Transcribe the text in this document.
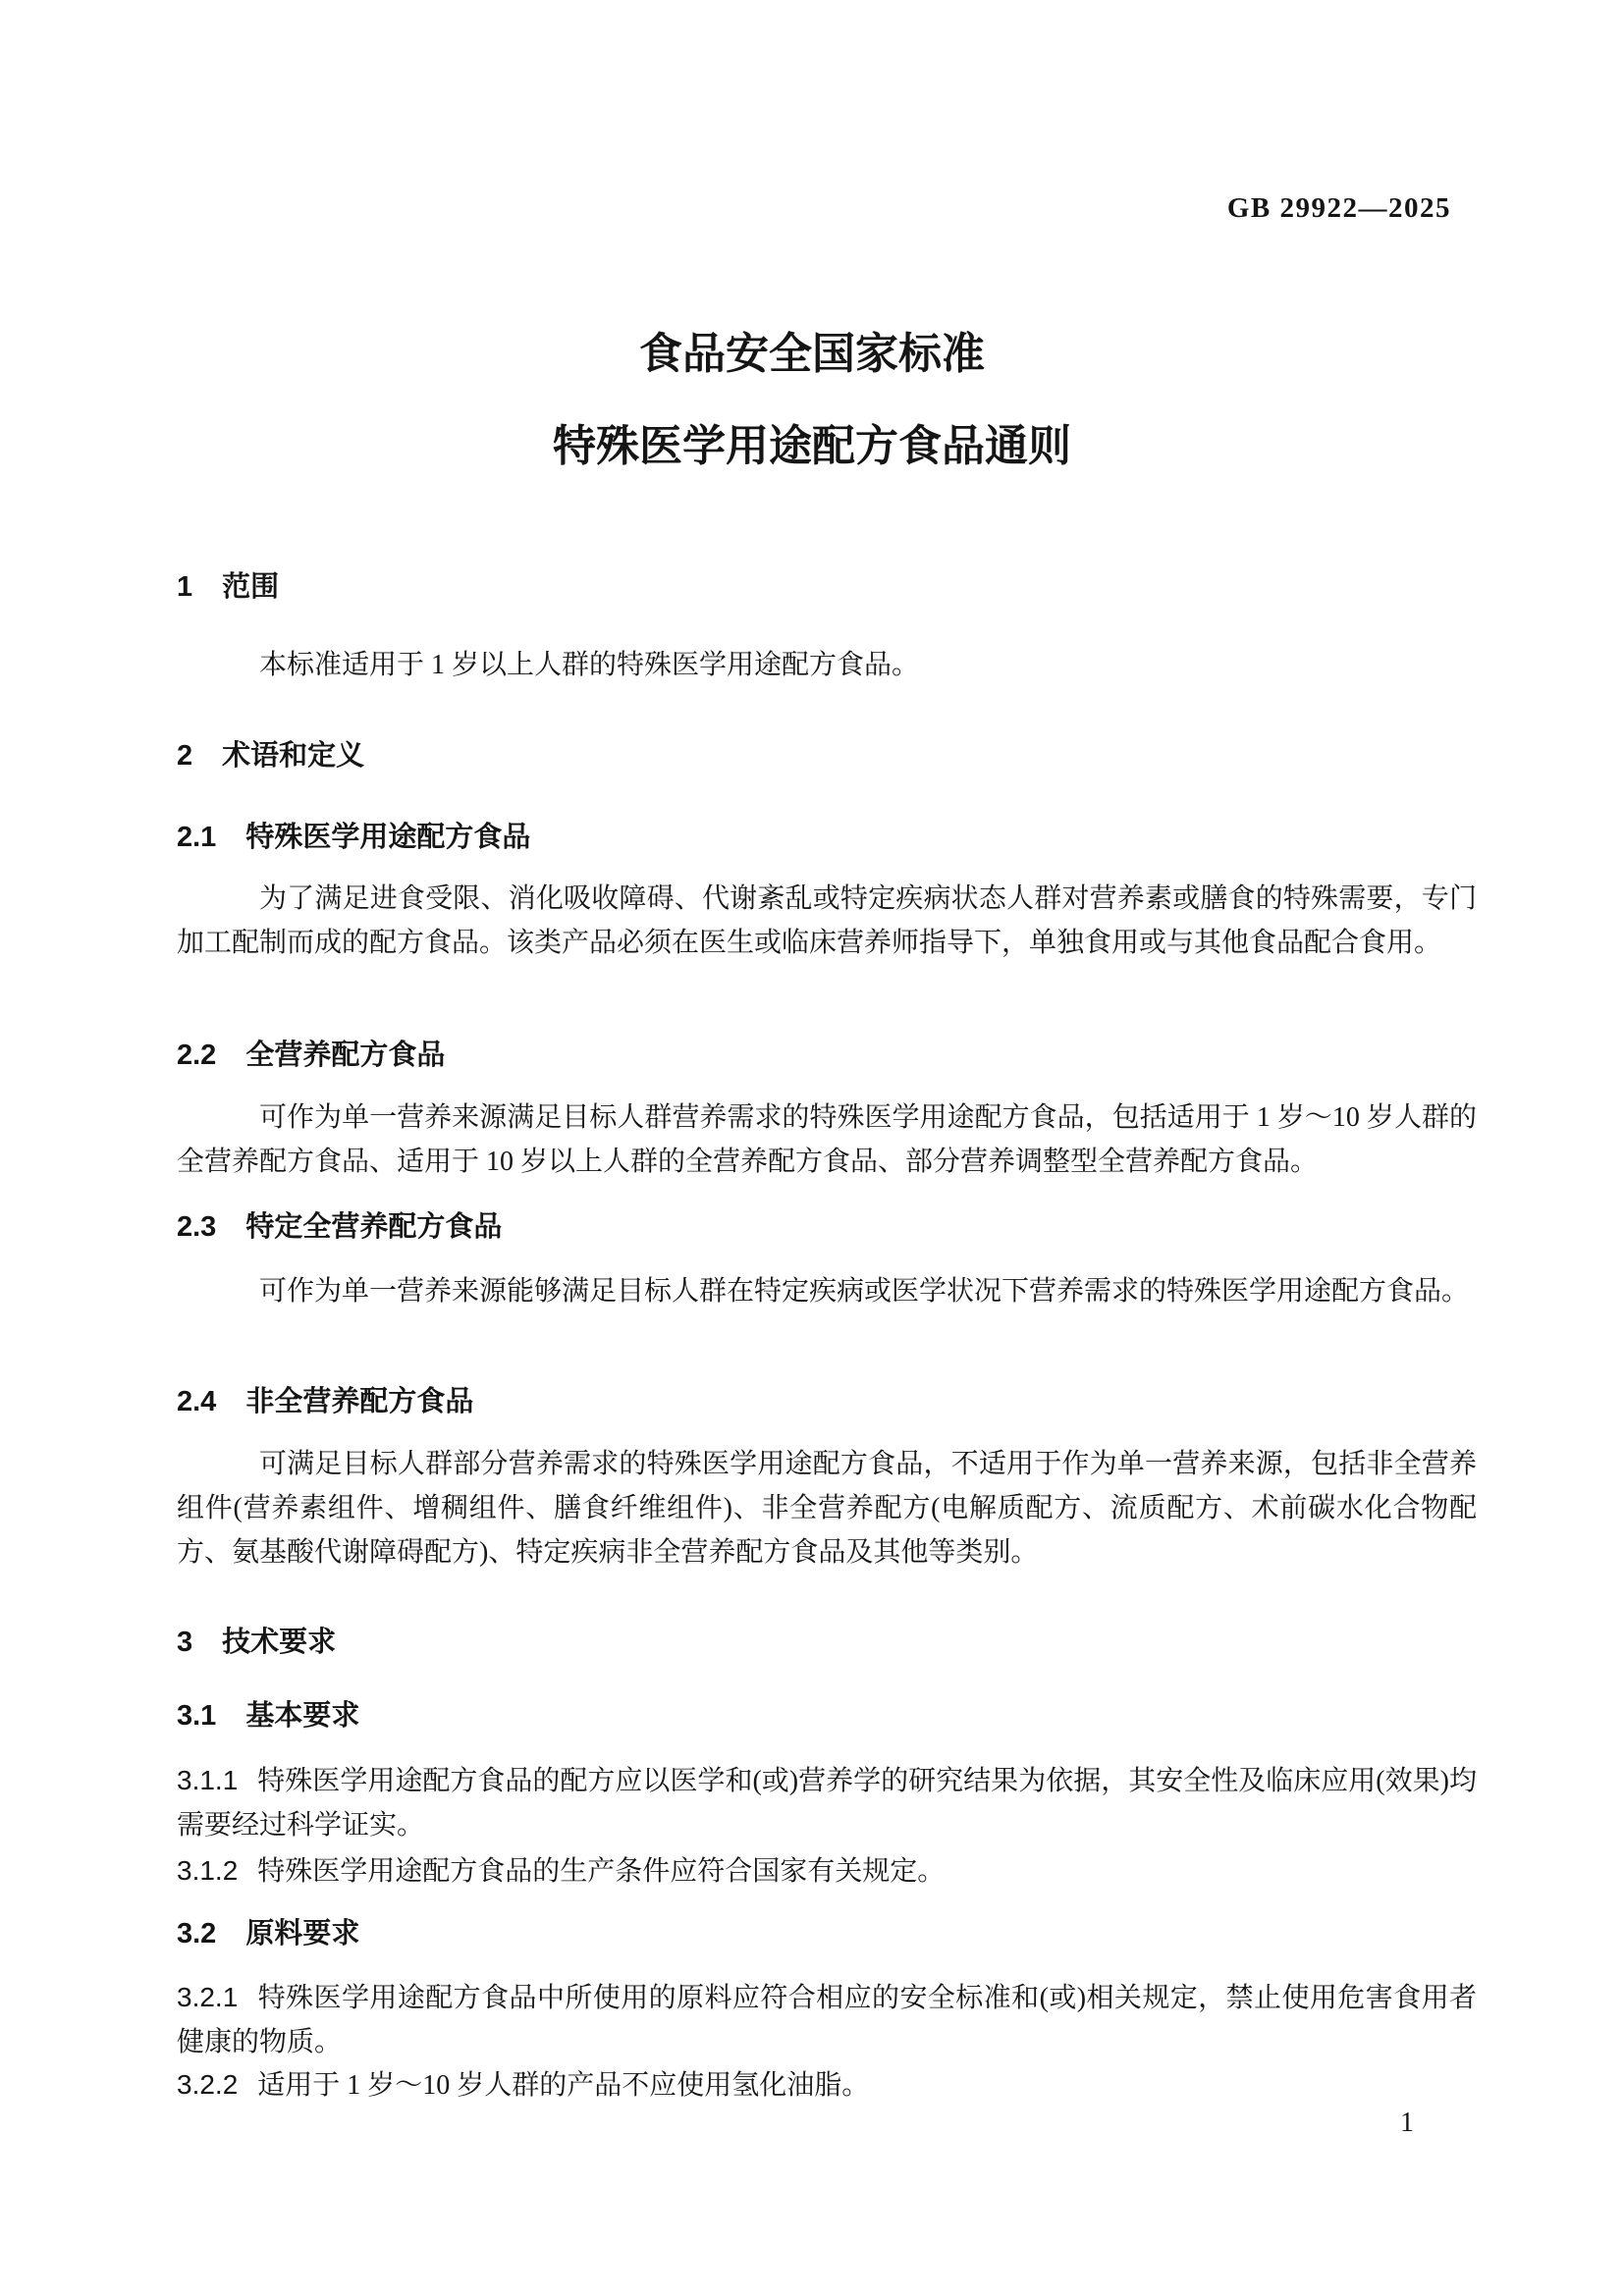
GB 29922—2025
食品安全国家标准
特殊医学用途配方食品通则
1 范围
本标准适用于 1 岁以上人群的特殊医学用途配方食品。
2 术语和定义
2.1 特殊医学用途配方食品
为了满足进食受限、消化吸收障碍、代谢紊乱或特定疾病状态人群对营养素或膳食的特殊需要，专门加工配制而成的配方食品。该类产品必须在医生或临床营养师指导下，单独食用或与其他食品配合食用。
2.2 全营养配方食品
可作为单一营养来源满足目标人群营养需求的特殊医学用途配方食品，包括适用于 1 岁～10 岁人群的全营养配方食品、适用于 10 岁以上人群的全营养配方食品、部分营养调整型全营养配方食品。
2.3 特定全营养配方食品
可作为单一营养来源能够满足目标人群在特定疾病或医学状况下营养需求的特殊医学用途配方食品。
2.4 非全营养配方食品
可满足目标人群部分营养需求的特殊医学用途配方食品，不适用于作为单一营养来源，包括非全营养组件(营养素组件、增稠组件、膳食纤维组件)、非全营养配方(电解质配方、流质配方、术前碳水化合物配方、氨基酸代谢障碍配方)、特定疾病非全营养配方食品及其他等类别。
3 技术要求
3.1 基本要求
3.1.1 特殊医学用途配方食品的配方应以医学和(或)营养学的研究结果为依据，其安全性及临床应用(效果)均需要经过科学证实。
3.1.2 特殊医学用途配方食品的生产条件应符合国家有关规定。
3.2 原料要求
3.2.1 特殊医学用途配方食品中所使用的原料应符合相应的安全标准和(或)相关规定，禁止使用危害食用者健康的物质。
3.2.2 适用于 1 岁～10 岁人群的产品不应使用氢化油脂。
1
